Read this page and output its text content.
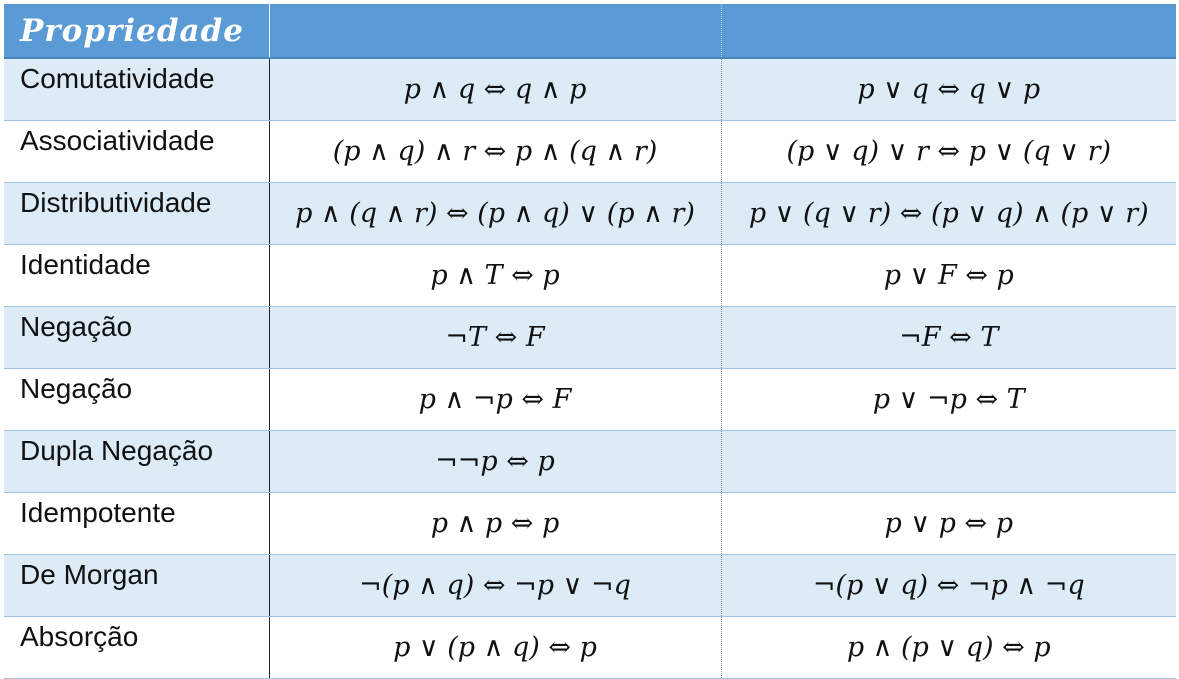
Propriedade		
Comutatividade	p ∧ q ⇔ q ∧ p	p ∨ q ⇔ q ∨ p
Associatividade	(p ∧ q) ∧ r ⇔ p ∧ (q ∧ r)	(p ∨ q) ∨ r ⇔ p ∨ (q ∨ r)
Distributividade	p ∧ (q ∧ r) ⇔ (p ∧ q) ∨ (p ∧ r)	p ∨ (q ∨ r) ⇔ (p ∨ q) ∧ (p ∨ r)
Identidade	p ∧ T ⇔ p	p ∨ F ⇔ p
Negação	¬T ⇔ F	¬F ⇔ T
Negação	p ∧ ¬p ⇔ F	p ∨ ¬p ⇔ T
Dupla Negação	¬¬p ⇔ p	
Idempotente	p ∧ p ⇔ p	p ∨ p ⇔ p
De Morgan	¬(p ∧ q) ⇔ ¬p ∨ ¬q	¬(p ∨ q) ⇔ ¬p ∧ ¬q
Absorção	p ∨ (p ∧ q) ⇔ p	p ∧ (p ∨ q) ⇔ p
